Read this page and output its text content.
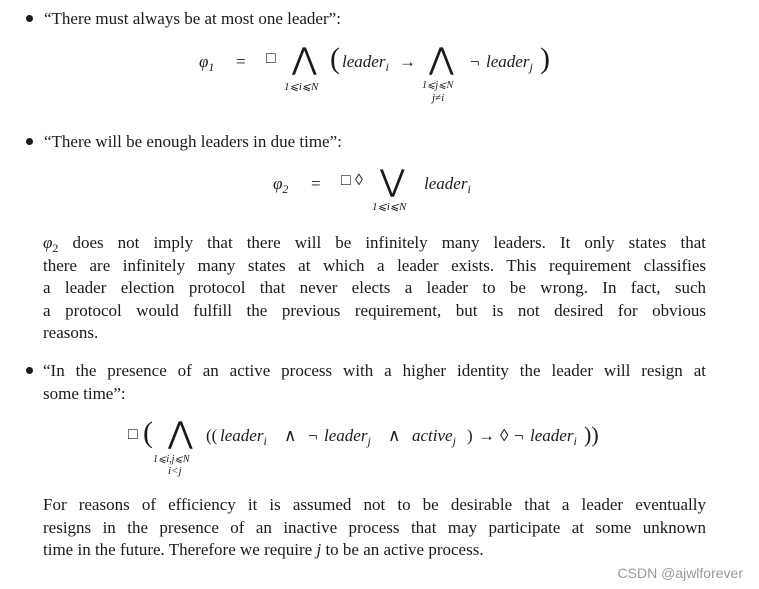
“There must always be at most one leader”:
$\varphi_1$ = □ ⋀
1⩽i⩽N
( leader$_i$ → ⋀
1⩽j⩽N
j≠i
¬ leader$_j$ )
“There will be enough leaders in due time”:
$\varphi_2$ = □ ◊ ⋁
1⩽i⩽N
leader$_i$
$\varphi_2$ does not imply that there will be infinitely many leaders. It only states that
there are infinitely many states at which a leader exists. This requirement classifies
a leader election protocol that never elects a leader to be wrong. In fact, such
a protocol would fulfill the previous requirement, but is not desired for obvious
reasons.
“In the presence of an active process with a higher identity the leader will resign at
some time”:
□ ( ⋀
1⩽i,j⩽N
i<j
(( leader$_i$ ∧ ¬ leader$_j$ ∧ active$_j$ ) → ◊ ¬ leader$_i$ ))
For reasons of efficiency it is assumed not to be desirable that a leader eventually
resigns in the presence of an inactive process that may participate at some unknown
time in the future. Therefore we require j to be an active process.
CSDN @ajwlforever
